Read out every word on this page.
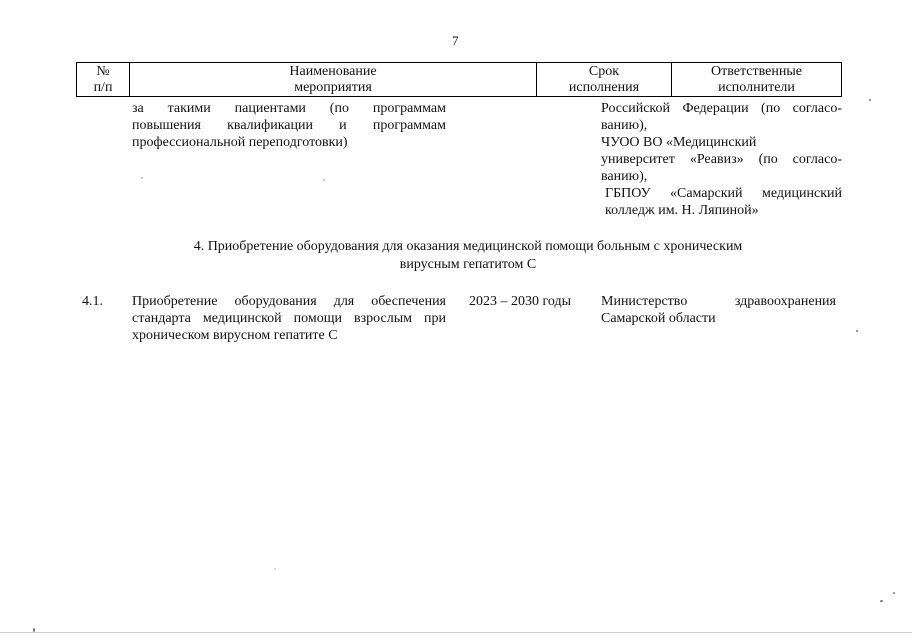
7
№
п/п
Наименование
мероприятия
Срок
исполнения
Ответственные исполнители
за такими пациентами (по программам
повышения квалификации и программам
профессиональной переподготовки)
Российской Федерации (по согласо-
ванию),
ЧУОО ВО «Медицинский
университет «Реавиз» (по согласо-
ванию),
ГБПОУ «Самарский медицинский
колледж им. Н. Ляпиной»
4. Приобретение оборудования для оказания медицинской помощи больным с хроническим
вирусным гепатитом С
4.1. Приобретение оборудования для обеспечения
стандарта медицинской помощи взрослым при
хроническом вирусном гепатите С
2023 – 2030 годы Министерство здравоохранения
Самарской области
